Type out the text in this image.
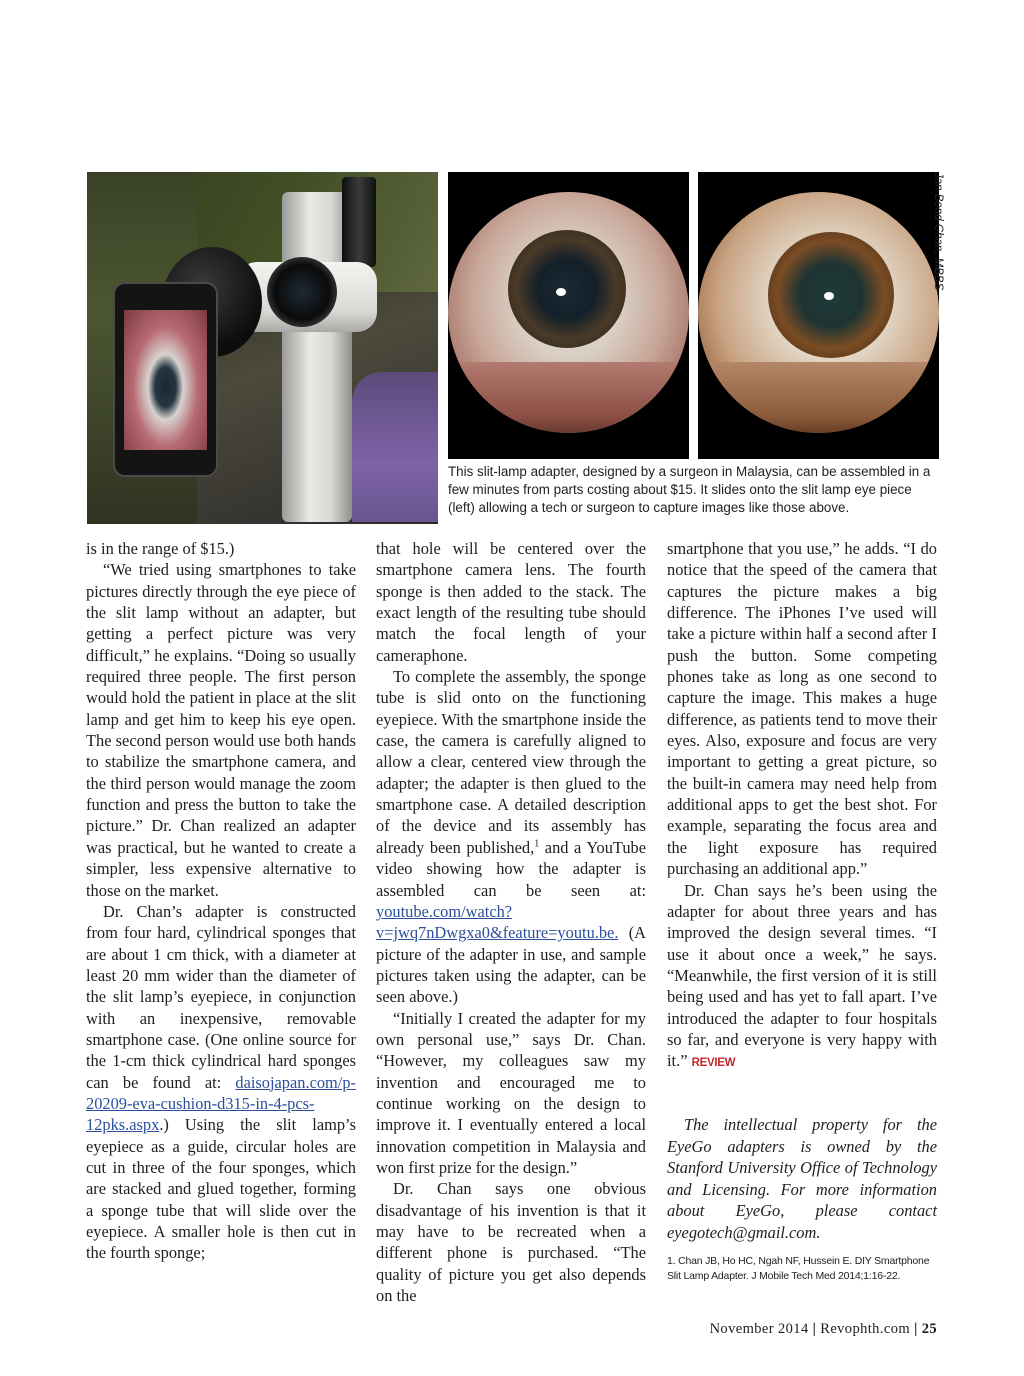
Jan Bond Chan, MBBS
This slit-lamp adapter, designed by a surgeon in Malaysia, can be assembled in a few minutes from parts costing about $15. It slides onto the slit lamp eye piece (left) allowing a tech or surgeon to capture images like those above.

is in the range of $15.)

“We tried using smartphones to take pictures directly through the eye piece of the slit lamp without an adapter, but getting a perfect picture was very difficult,” he explains. “Doing so usually required three people. The first person would hold the patient in place at the slit lamp and get him to keep his eye open. The second person would use both hands to stabilize the smartphone camera, and the third person would manage the zoom function and press the button to take the picture.” Dr. Chan realized an adapter was practical, but he wanted to create a simpler, less expensive alternative to those on the market.

Dr. Chan’s adapter is constructed from four hard, cylindrical sponges that are about 1 cm thick, with a diameter at least 20 mm wider than the diameter of the slit lamp’s eyepiece, in conjunction with an inexpensive, removable smartphone case. (One online source for the 1-cm thick cylindrical hard sponges can be found at: daisojapan.com/p-20209-eva-cushion-d315-in-4-pcs-12pks.aspx.) Using the slit lamp’s eyepiece as a guide, circular holes are cut in three of the four sponges, which are stacked and glued together, forming a sponge tube that will slide over the eyepiece. A smaller hole is then cut in the fourth sponge;

that hole will be centered over the smartphone camera lens. The fourth sponge is then added to the stack. The exact length of the resulting tube should match the focal length of your cameraphone.

To complete the assembly, the sponge tube is slid onto on the functioning eyepiece. With the smartphone inside the case, the camera is carefully aligned to allow a clear, centered view through the adapter; the adapter is then glued to the smartphone case. A detailed description of the device and its assembly has already been published,$^1$ and a YouTube video showing how the adapter is assembled can be seen at: youtube.com/watch?v=jwq7nDwgxa0&feature=youtu.be. (A picture of the adapter in use, and sample pictures taken using the adapter, can be seen above.)

“Initially I created the adapter for my own personal use,” says Dr. Chan. “However, my colleagues saw my invention and encouraged me to continue working on the design to improve it. I eventually entered a local innovation competition in Malaysia and won first prize for the design.”

Dr. Chan says one obvious disadvantage of his invention is that it may have to be recreated when a different phone is purchased. “The quality of picture you get also depends on the

smartphone that you use,” he adds. “I do notice that the speed of the camera that captures the picture makes a big difference. The iPhones I’ve used will take a picture within half a second after I push the button. Some competing phones take as long as one second to capture the image. This makes a huge difference, as patients tend to move their eyes. Also, exposure and focus are very important to getting a great picture, so the built-in camera may need help from additional apps to get the best shot. For example, separating the focus area and the light exposure has required purchasing an additional app.”

Dr. Chan says he’s been using the adapter for about three years and has improved the design several times. “I use it about once a week,” he says. “Meanwhile, the first version of it is still being used and has yet to fall apart. I’ve introduced the adapter to four hospitals so far, and everyone is very happy with it.” REVIEW

The intellectual property for the EyeGo adapters is owned by the Stanford University Office of Technology and Licensing. For more information about EyeGo, please contact eyegotech@gmail.com.
1. Chan JB, Ho HC, Ngah NF, Hussein E. DIY Smartphone Slit Lamp Adapter. J Mobile Tech Med 2014;1:16-22.
November 2014 | Revophth.com | 25
